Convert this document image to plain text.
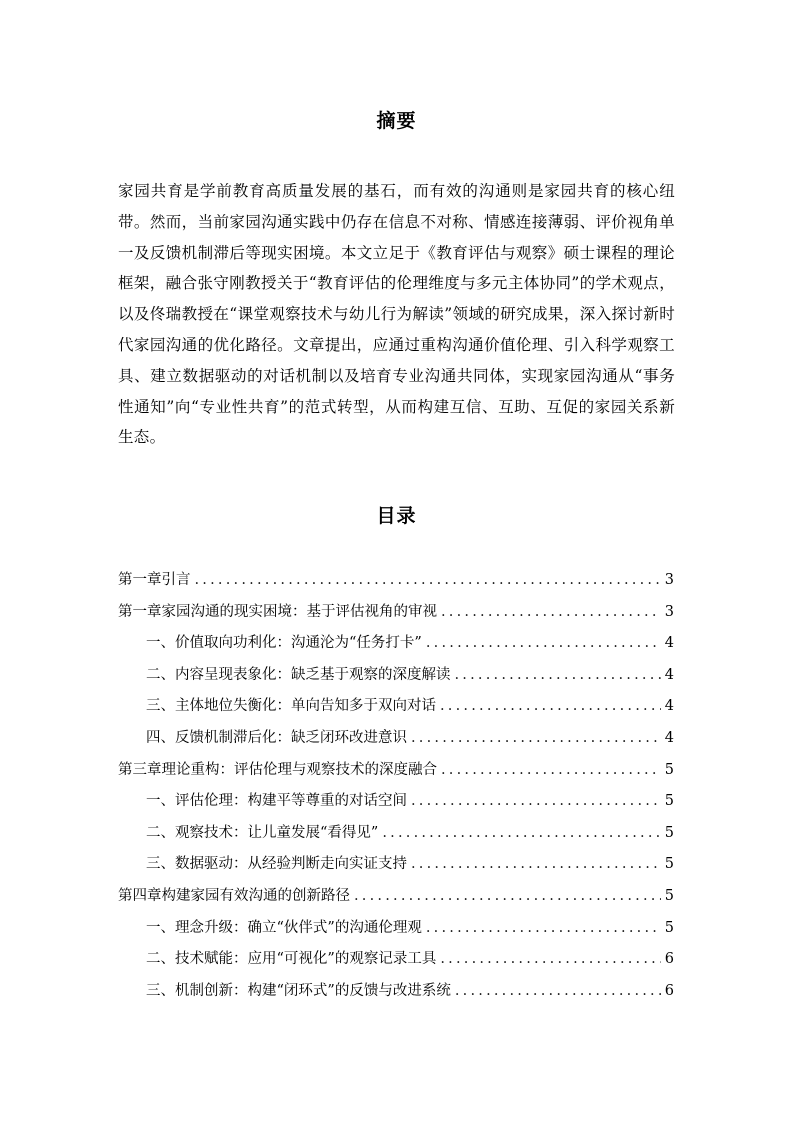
摘要

家园共育是学前教育高质量发展的基石，而有效的沟通则是家园共育的核心纽带。然而，当前家园沟通实践中仍存在信息不对称、情感连接薄弱、评价视角单一及反馈机制滞后等现实困境。本文立足于《教育评估与观察》硕士课程的理论框架，融合张守刚教授关于“教育评估的伦理维度与多元主体协同”的学术观点，以及佟瑞教授在“课堂观察技术与幼儿行为解读”领域的研究成果，深入探讨新时代家园沟通的优化路径。文章提出，应通过重构沟通价值伦理、引入科学观察工具、建立数据驱动的对话机制以及培育专业沟通共同体，实现家园沟通从“事务性通知”向“专业性共育”的范式转型，从而构建互信、互助、互促的家园关系新生态。

目录
第一章引言 .....	3
第一章家园沟通的现实困境：基于评估视角的审视 .....	3
一、价值取向功利化：沟通沦为“任务打卡” .....	4
二、内容呈现表象化：缺乏基于观察的深度解读 .....	4
三、主体地位失衡化：单向告知多于双向对话 .....	4
四、反馈机制滞后化：缺乏闭环改进意识 .....	4
第三章理论重构：评估伦理与观察技术的深度融合 .....	5
一、评估伦理：构建平等尊重的对话空间 .....	5
二、观察技术：让儿童发展“看得见” .....	5
三、数据驱动：从经验判断走向实证支持 .....	5
第四章构建家园有效沟通的创新路径 .....	5
一、理念升级：确立“伙伴式”的沟通伦理观 .....	5
二、技术赋能：应用“可视化”的观察记录工具 .....	6
三、机制创新：构建“闭环式”的反馈与改进系统 .....	6
